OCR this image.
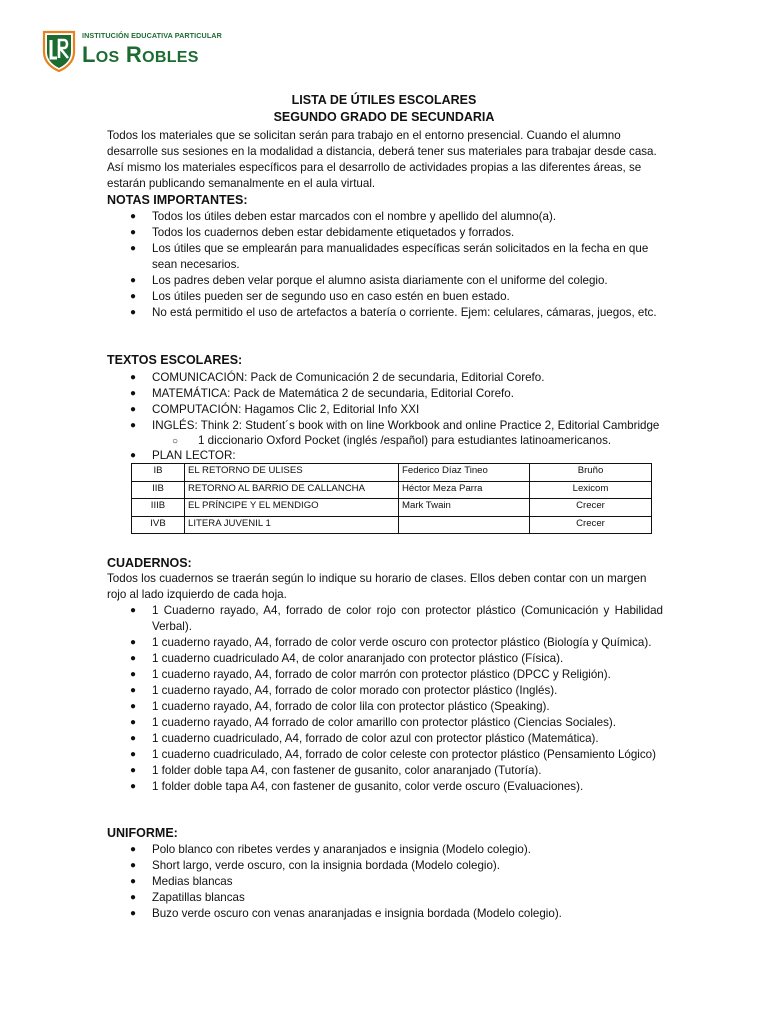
INSTITUCIÓN EDUCATIVA PARTICULAR
LOS ROBLES
LISTA DE ÚTILES ESCOLARES
SEGUNDO GRADO DE SECUNDARIA
Todos los materiales que se solicitan serán para trabajo en el entorno presencial. Cuando el alumno desarrolle sus sesiones en la modalidad a distancia, deberá tener sus materiales para trabajar desde casa. Así mismo los materiales específicos para el desarrollo de actividades propias a las diferentes áreas, se estarán publicando semanalmente en el aula virtual.
NOTAS IMPORTANTES:
●	Todos los útiles deben estar marcados con el nombre y apellido del alumno(a).
●	Todos los cuadernos deben estar debidamente etiquetados y forrados.
●	Los útiles que se emplearán para manualidades específicas serán solicitados en la fecha en que sean necesarios.
●	Los padres deben velar porque el alumno asista diariamente con el uniforme del colegio.
●	Los útiles pueden ser de segundo uso en caso estén en buen estado.
●	No está permitido el uso de artefactos a batería o corriente. Ejem: celulares, cámaras, juegos, etc.
TEXTOS ESCOLARES:
●	COMUNICACIÓN: Pack de Comunicación 2 de secundaria, Editorial Corefo.
●	MATEMÁTICA: Pack de Matemática 2 de secundaria, Editorial Corefo.
●	COMPUTACIÓN: Hagamos Clic 2, Editorial Info XXI
●	INGLÉS: Think 2: Student´s book with on line Workbook and online Practice 2, Editorial Cambridge
○ 1 diccionario Oxford Pocket (inglés /español) para estudiantes latinoamericanos.
●	PLAN LECTOR:
IB	EL RETORNO DE ULISES	Federico Díaz Tineo	Bruño
IIB	RETORNO AL BARRIO DE CALLANCHA	Héctor Meza Parra	Lexicom
IIIB	EL PRÍNCIPE Y EL MENDIGO	Mark Twain	Crecer
IVB	LITERA JUVENIL 1		Crecer
CUADERNOS:
Todos los cuadernos se traerán según lo indique su horario de clases. Ellos deben contar con un margen rojo al lado izquierdo de cada hoja.
●	1 Cuaderno rayado, A4, forrado de color rojo con protector plástico (Comunicación y Habilidad Verbal).
●	1 cuaderno rayado, A4, forrado de color verde oscuro con protector plástico (Biología y Química).
●	1 cuaderno cuadriculado A4, de color anaranjado con protector plástico (Física).
●	1 cuaderno rayado, A4, forrado de color marrón con protector plástico (DPCC y Religión).
●	1 cuaderno rayado, A4, forrado de color morado con protector plástico (Inglés).
●	1 cuaderno rayado, A4, forrado de color lila con protector plástico (Speaking).
●	1 cuaderno rayado, A4 forrado de color amarillo con protector plástico (Ciencias Sociales).
●	1 cuaderno cuadriculado, A4, forrado de color azul con protector plástico (Matemática).
●	1 cuaderno cuadriculado, A4, forrado de color celeste con protector plástico (Pensamiento Lógico)
●	1 folder doble tapa A4, con fastener de gusanito, color anaranjado (Tutoría).
●	1 folder doble tapa A4, con fastener de gusanito, color verde oscuro (Evaluaciones).
UNIFORME:
●	Polo blanco con ribetes verdes y anaranjados e insignia (Modelo colegio).
●	Short largo, verde oscuro, con la insignia bordada (Modelo colegio).
●	Medias blancas
●	Zapatillas blancas
●	Buzo verde oscuro con venas anaranjadas e insignia bordada (Modelo colegio).
